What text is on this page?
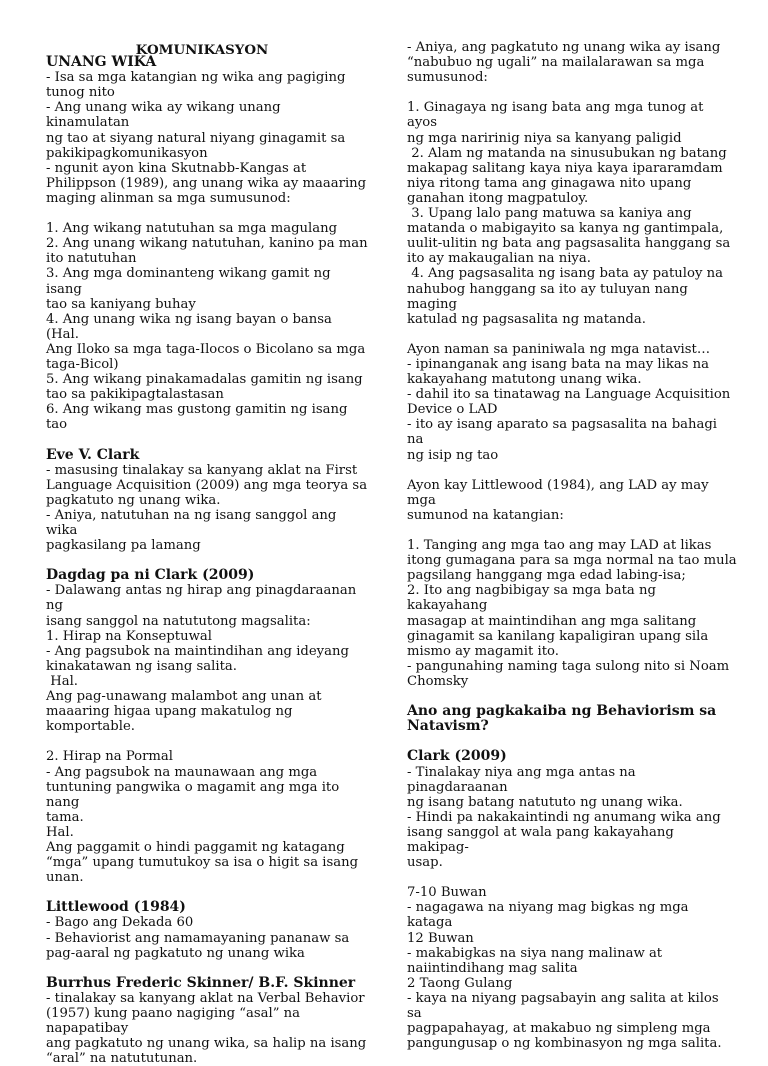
KOMUNIKASYON
UNANG WIKA
- Isa sa mga katangian ng wika ang pagiging
tunog nito
- Ang unang wika ay wikang unang kinamulatan
ng tao at siyang natural niyang ginagamit sa
pakikipagkomunikasyon
- ngunit ayon kina Skutnabb-Kangas at
Philippson (1989), ang unang wika ay maaaring
maging alinman sa mga sumusunod:
1. Ang wikang natutuhan sa mga magulang
2. Ang unang wikang natutuhan, kanino pa man
ito natutuhan
3. Ang mga dominanteng wikang gamit ng isang
tao sa kaniyang buhay
4. Ang unang wika ng isang bayan o bansa (Hal.
Ang Iloko sa mga taga-Ilocos o Bicolano sa mga
taga-Bicol)
5. Ang wikang pinakamadalas gamitin ng isang
tao sa pakikipagtalastasan
6. Ang wikang mas gustong gamitin ng isang tao
Eve V. Clark
- masusing tinalakay sa kanyang aklat na First
Language Acquisition (2009) ang mga teorya sa
pagkatuto ng unang wika.
- Aniya, natutuhan na ng isang sanggol ang wika
pagkasilang pa lamang
Dagdag pa ni Clark (2009)
- Dalawang antas ng hirap ang pinagdaraanan ng
isang sanggol na natututong magsalita:
1. Hirap na Konseptuwal
- Ang pagsubok na maintindihan ang ideyang
kinakatawan ng isang salita.
Hal.
Ang pag-unawang malambot ang unan at
maaaring higaa upang makatulog ng
komportable.
2. Hirap na Pormal
- Ang pagsubok na maunawaan ang mga
tuntuning pangwika o magamit ang mga ito nang
tama.
Hal.
Ang paggamit o hindi paggamit ng katagang
“mga” upang tumutukoy sa isa o higit sa isang
unan.
Littlewood (1984)
- Bago ang Dekada 60
- Behaviorist ang namamayaning pananaw sa
pag-aaral ng pagkatuto ng unang wika
Burrhus Frederic Skinner/ B.F. Skinner
- tinalakay sa kanyang aklat na Verbal Behavior
(1957) kung paano nagiging “asal” na napapatibay
ang pagkatuto ng unang wika, sa halip na isang
“aral” na natututunan.
- Aniya, ang pagkatuto ng unang wika ay isang
“nabubuo ng ugali” na mailalarawan sa mga
sumusunod:
1. Ginagaya ng isang bata ang mga tunog at ayos
ng mga naririnig niya sa kanyang paligid
2. Alam ng matanda na sinusubukan ng batang
makapag salitang kaya niya kaya ipararamdam
niya ritong tama ang ginagawa nito upang
ganahan itong magpatuloy.
3. Upang lalo pang matuwa sa kaniya ang
matanda o mabigayito sa kanya ng gantimpala,
uulit-ulitin ng bata ang pagsasalita hanggang sa
ito ay makaugalian na niya.
4. Ang pagsasalita ng isang bata ay patuloy na
nahubog hanggang sa ito ay tuluyan nang maging
katulad ng pagsasalita ng matanda.
Ayon naman sa paniniwala ng mga natavist…
- ipinanganak ang isang bata na may likas na
kakayahang matutong unang wika.
- dahil ito sa tinatawag na Language Acquisition
Device o LAD
- ito ay isang aparato sa pagsasalita na bahagi na
ng isip ng tao
Ayon kay Littlewood (1984), ang LAD ay may mga
sumunod na katangian:
1. Tanging ang mga tao ang may LAD at likas
itong gumagana para sa mga normal na tao mula
pagsilang hanggang mga edad labing-isa;
2. Ito ang nagbibigay sa mga bata ng kakayahang
masagap at maintindihan ang mga salitang
ginagamit sa kanilang kapaligiran upang sila
mismo ay magamit ito.
- pangunahing naming taga sulong nito si Noam
Chomsky
Ano ang pagkakaiba ng Behaviorism sa
Natavism?
Clark (2009)
- Tinalakay niya ang mga antas na pinagdaraanan
ng isang batang natututo ng unang wika.
- Hindi pa nakakaintindi ng anumang wika ang
isang sanggol at wala pang kakayahang makipag-
usap.
7-10 Buwan
- nagagawa na niyang mag bigkas ng mga kataga
12 Buwan
- makabigkas na siya nang malinaw at
naiintindihang mag salita
2 Taong Gulang
- kaya na niyang pagsabayin ang salita at kilos sa
pagpapahayag, at makabuo ng simpleng mga
pangungusap o ng kombinasyon ng mga salita.
